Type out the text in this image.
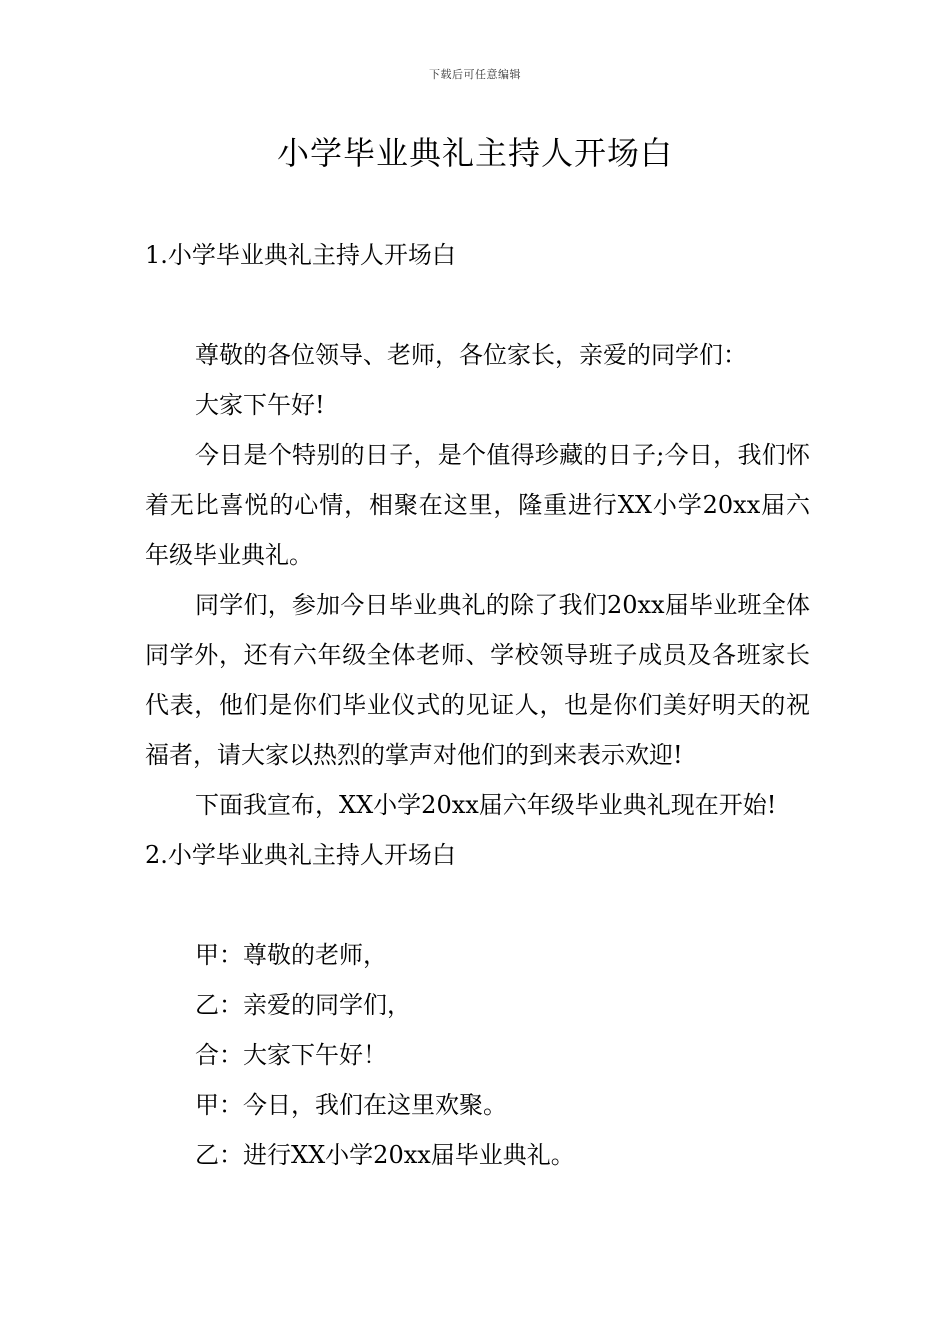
下载后可任意编辑
小学毕业典礼主持人开场白

1.小学毕业典礼主持人开场白

尊敬的各位领导、老师，各位家长，亲爱的同学们：

大家下午好!

今日是个特别的日子，是个值得珍藏的日子;今日，我们怀着无比喜悦的心情，相聚在这里，隆重进行XX小学20xx届六年级毕业典礼。

同学们，参加今日毕业典礼的除了我们20xx届毕业班全体同学外，还有六年级全体老师、学校领导班子成员及各班家长代表，他们是你们毕业仪式的见证人，也是你们美好明天的祝福者，请大家以热烈的掌声对他们的到来表示欢迎!

下面我宣布，XX小学20xx届六年级毕业典礼现在开始!

2.小学毕业典礼主持人开场白

甲：尊敬的老师，

乙：亲爱的同学们，

合：大家下午好！

甲：今日，我们在这里欢聚。

乙：进行XX小学20xx届毕业典礼。
